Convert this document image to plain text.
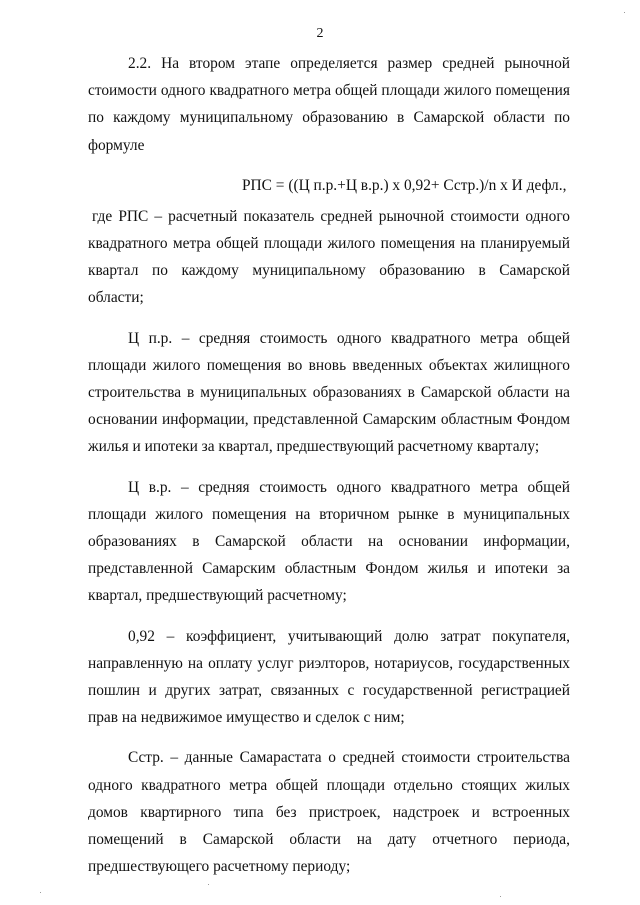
2

2.2. На втором этапе определяется размер средней рыночной стоимости одного квадратного метра общей площади жилого помещения по каждому муниципальному образованию в Самарской области по формуле

РПС = ((Ц п.р.+Ц в.р.) х 0,92+ Сстр.)/n х И дефл.,

где РПС – расчетный показатель средней рыночной стоимости одного квадратного метра общей площади жилого помещения на планируемый квартал по каждому муниципальному образованию в Самарской области;

Ц п.р. – средняя стоимость одного квадратного метра общей площади жилого помещения во вновь введенных объектах жилищного строительства в муниципальных образованиях в Самарской области на основании информации, представленной Самарским областным Фондом жилья и ипотеки за квартал, предшествующий расчетному кварталу;

Ц в.р. – средняя стоимость одного квадратного метра общей площади жилого помещения на вторичном рынке в муниципальных образованиях в Самарской области на основании информации, представленной Самарским областным Фондом жилья и ипотеки за квартал, предшествующий расчетному;

0,92 – коэффициент, учитывающий долю затрат покупателя, направленную на оплату услуг риэлторов, нотариусов, государственных пошлин и других затрат, связанных с государственной регистрацией прав на недвижимое имущество и сделок с ним;

Сстр. – данные Самарастата о средней стоимости строительства одного квадратного метра общей площади отдельно стоящих жилых домов квартирного типа без пристроек, надстроек и встроенных помещений в Самарской области на дату отчетного периода, предшествующего расчетному периоду;
